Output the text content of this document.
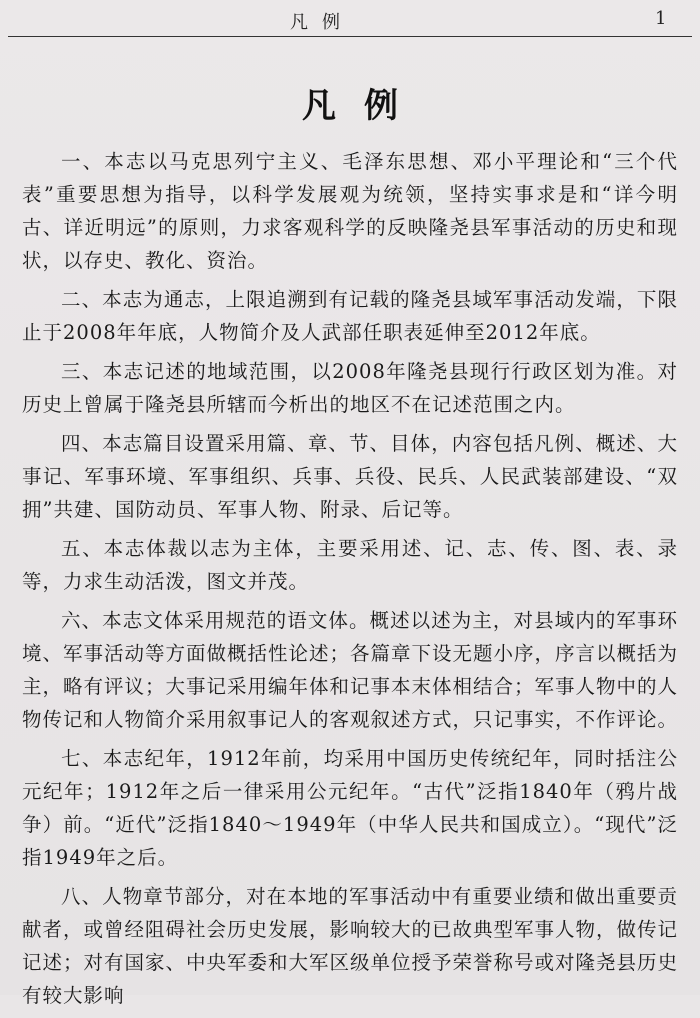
凡例	1
凡例

一、本志以马克思列宁主义、毛泽东思想、邓小平理论和“三个代表”重要思想为指导，以科学发展观为统领，坚持实事求是和“详今明古、详近明远”的原则，力求客观科学的反映隆尧县军事活动的历史和现状，以存史、教化、资治。

二、本志为通志，上限追溯到有记载的隆尧县域军事活动发端，下限止于2008年年底，人物简介及人武部任职表延伸至2012年底。

三、本志记述的地域范围，以2008年隆尧县现行行政区划为准。对历史上曾属于隆尧县所辖而今析出的地区不在记述范围之内。

四、本志篇目设置采用篇、章、节、目体，内容包括凡例、概述、大事记、军事环境、军事组织、兵事、兵役、民兵、人民武装部建设、“双拥”共建、国防动员、军事人物、附录、后记等。

五、本志体裁以志为主体，主要采用述、记、志、传、图、表、录等，力求生动活泼，图文并茂。

六、本志文体采用规范的语文体。概述以述为主，对县域内的军事环境、军事活动等方面做概括性论述；各篇章下设无题小序，序言以概括为主，略有评议；大事记采用编年体和记事本末体相结合；军事人物中的人物传记和人物简介采用叙事记人的客观叙述方式，只记事实，不作评论。

七、本志纪年，1912年前，均采用中国历史传统纪年，同时括注公元纪年；1912年之后一律采用公元纪年。“古代”泛指1840年（鸦片战争）前。“近代”泛指1840～1949年（中华人民共和国成立）。“现代”泛指1949年之后。

八、人物章节部分，对在本地的军事活动中有重要业绩和做出重要贡献者，或曾经阻碍社会历史发展，影响较大的已故典型军事人物，做传记记述；对有国家、中央军委和大军区级单位授予荣誉称号或对隆尧县历史有较大影响
